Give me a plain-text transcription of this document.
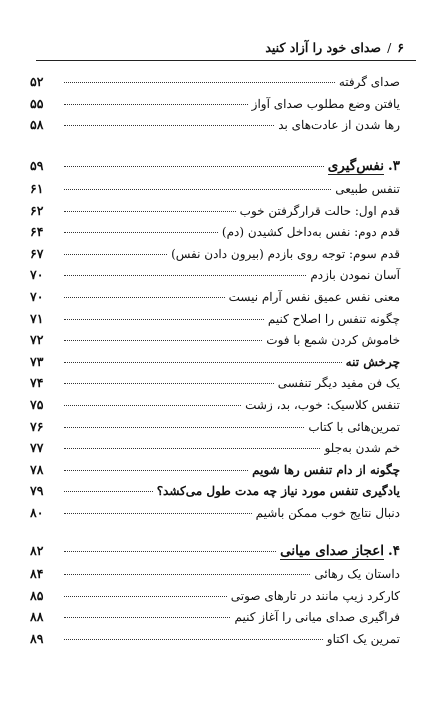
۶
/
صدای خود را آزاد کنید
صدای گرفته
۵۲
یافتن وضع مطلوب صدای آواز
۵۵
رها شدن از عادت‌های بد
۵۸
۳.
نفس‌گیری
۵۹
تنفس طبیعی
۶۱
قدم اول: حالت قرارگرفتن خوب
۶۲
قدم دوم: نفس به‌داخل کشیدن (دم)
۶۴
قدم سوم: توجه روی بازدم (بیرون دادن نفس)
۶۷
آسان نمودن بازدم
۷۰
معنی نفس عمیق نفس آرام نیست
۷۰
چگونه تنفس را اصلاح کنیم
۷۱
خاموش کردن شمع با فوت
۷۲
چرخش تنه
۷۳
یک فن مفید دیگر تنفسی
۷۴
تنفس کلاسیک: خوب، بد، زشت
۷۵
تمرین‌هائی با کتاب
۷۶
خم شدن به‌جلو
۷۷
چگونه از دام تنفس رها شویم
۷۸
یادگیری تنفس مورد نیاز چه مدت طول می‌کشد؟
۷۹
دنبال نتایج خوب ممکن باشیم
۸۰
۴.
اعجاز صدای میانی
۸۲
داستان یک رهائی
۸۴
کارکرد زیپ مانند در تارهای صوتی
۸۵
فراگیری صدای میانی را آغاز کنیم
۸۸
تمرین یک اکتاو
۸۹
